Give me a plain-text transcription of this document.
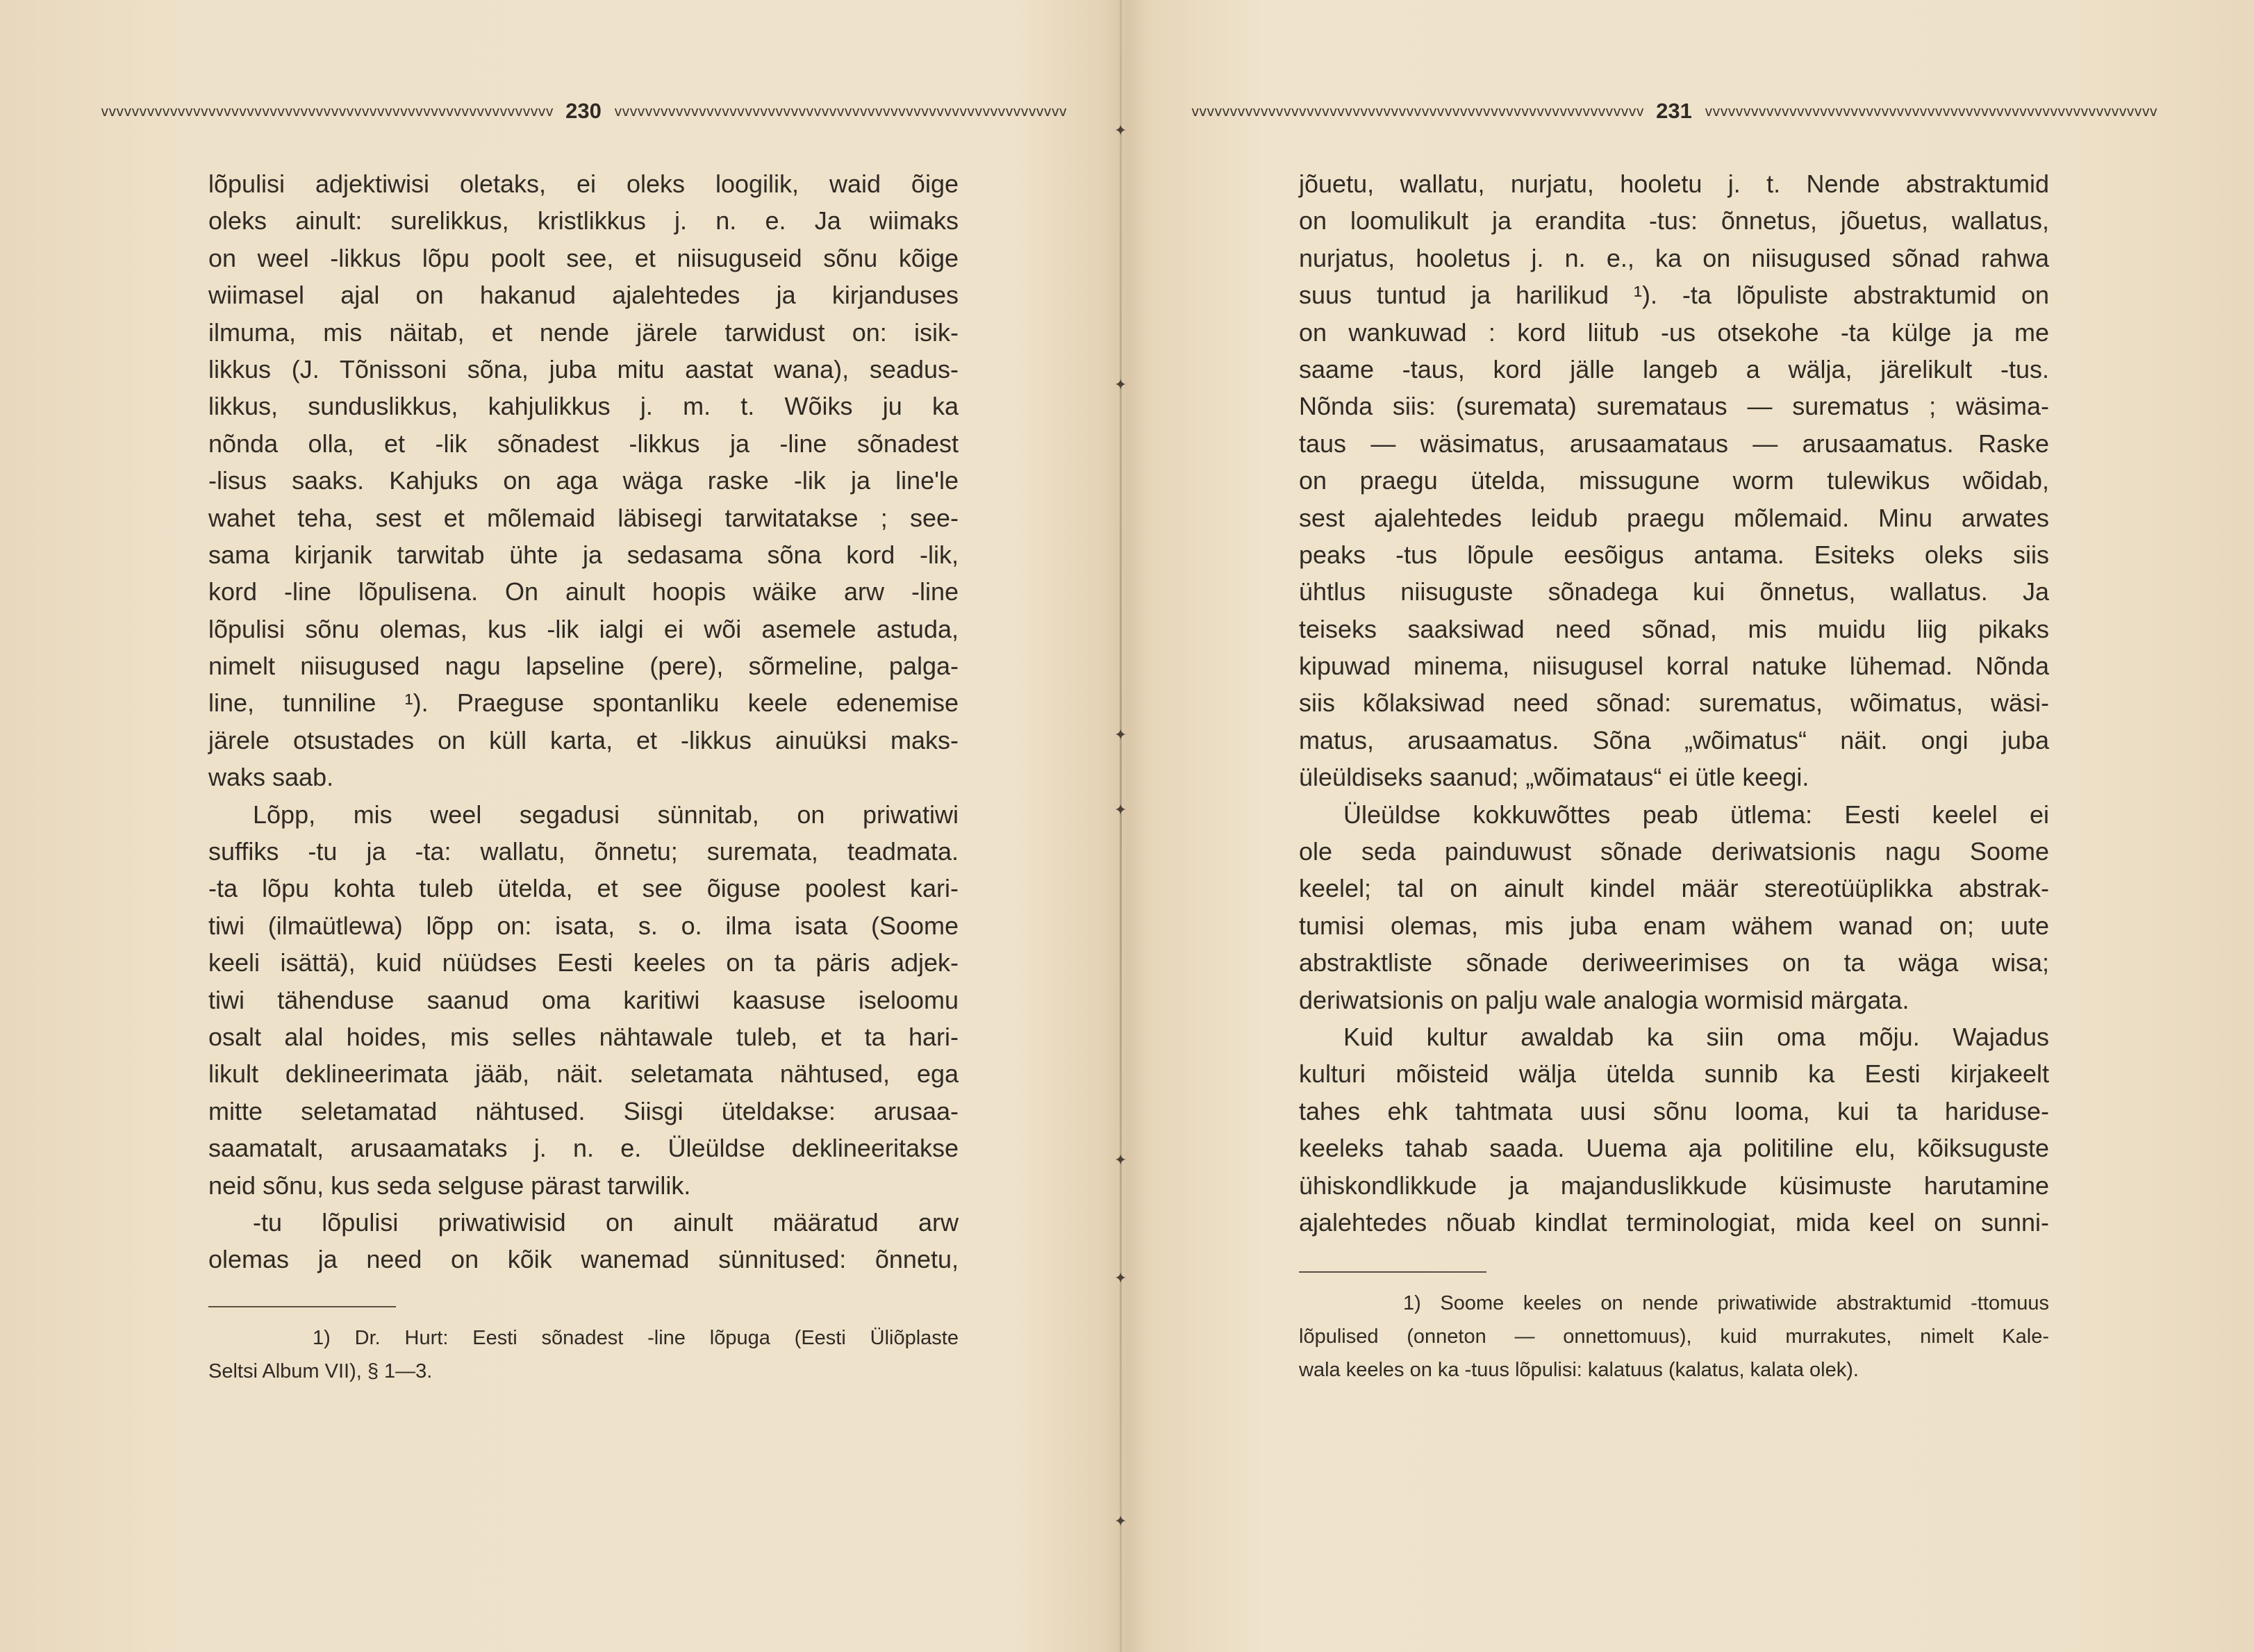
✦
✦
✦
✦
✦
✦
✦
vvvvvvvvvvvvvvvvvvvvvvvvvvvvvvvvvvvvvvvvvvvvvvvvvvvvvvvvvvv 230 vvvvvvvvvvvvvvvvvvvvvvvvvvvvvvvvvvvvvvvvvvvvvvvvvvvvvvvvvvv
lõpulisi adjektiwisi oletaks, ei oleks loogilik, waid õige
oleks ainult: surelikkus, kristlikkus j. n. e. Ja wiimaks
on weel -likkus lõpu poolt see, et niisuguseid sõnu kõige
wiimasel ajal on hakanud ajalehtedes ja kirjanduses
ilmuma, mis näitab, et nende järele tarwidust on: isik-
likkus (J. Tõnissoni sõna, juba mitu aastat wana), seadus-
likkus, sunduslikkus, kahjulikkus j. m. t. Wõiks ju ka
nõnda olla, et -lik sõnadest -likkus ja -line sõnadest
-lisus saaks. Kahjuks on aga wäga raske -lik ja line'le
wahet teha, sest et mõlemaid läbisegi tarwitatakse ; see-
sama kirjanik tarwitab ühte ja sedasama sõna kord -lik,
kord -line lõpulisena. On ainult hoopis wäike arw -line
lõpulisi sõnu olemas, kus -lik ialgi ei wõi asemele astuda,
nimelt niisugused nagu lapseline (pere), sõrmeline, palga-
line, tunniline ¹). Praeguse spontanliku keele edenemise
järele otsustades on küll karta, et -likkus ainuüksi maks-
waks saab.
Lõpp, mis weel segadusi sünnitab, on priwatiwi
suffiks -tu ja -ta: wallatu, õnnetu; suremata, teadmata.
-ta lõpu kohta tuleb ütelda, et see õiguse poolest kari-
tiwi (ilmaütlewa) lõpp on: isata, s. o. ilma isata (Soome
keeli isättä), kuid nüüdses Eesti keeles on ta päris adjek-
tiwi tähenduse saanud oma karitiwi kaasuse iseloomu
osalt alal hoides, mis selles nähtawale tuleb, et ta hari-
likult deklineerimata jääb, näit. seletamata nähtused, ega
mitte seletamatad nähtused. Siisgi üteldakse: arusaa-
saamatalt, arusaamataks j. n. e. Üleüldse deklineeritakse
neid sõnu, kus seda selguse pärast tarwilik.
-tu lõpulisi priwatiwisid on ainult määratud arw
olemas ja need on kõik wanemad sünnitused: õnnetu,
1) Dr. Hurt: Eesti sõnadest -line lõpuga (Eesti Üliõplaste
Seltsi Album VII), § 1—3.
vvvvvvvvvvvvvvvvvvvvvvvvvvvvvvvvvvvvvvvvvvvvvvvvvvvvvvvvvvv 231 vvvvvvvvvvvvvvvvvvvvvvvvvvvvvvvvvvvvvvvvvvvvvvvvvvvvvvvvvvv
jõuetu, wallatu, nurjatu, hooletu j. t. Nende abstraktumid
on loomulikult ja erandita -tus: õnnetus, jõuetus, wallatus,
nurjatus, hooletus j. n. e., ka on niisugused sõnad rahwa
suus tuntud ja harilikud ¹). -ta lõpuliste abstraktumid on
on wankuwad : kord liitub -us otsekohe -ta külge ja me
saame -taus, kord jälle langeb a wälja, järelikult -tus.
Nõnda siis: (suremata) suremataus — surematus ; wäsima-
taus — wäsimatus, arusaamataus — arusaamatus. Raske
on praegu ütelda, missugune worm tulewikus wõidab,
sest ajalehtedes leidub praegu mõlemaid. Minu arwates
peaks -tus lõpule eesõigus antama. Esiteks oleks siis
ühtlus niisuguste sõnadega kui õnnetus, wallatus. Ja
teiseks saaksiwad need sõnad, mis muidu liig pikaks
kipuwad minema, niisugusel korral natuke lühemad. Nõnda
siis kõlaksiwad need sõnad: surematus, wõimatus, wäsi-
matus, arusaamatus. Sõna „wõimatus“ näit. ongi juba
üleüldiseks saanud; „wõimataus“ ei ütle keegi.
Üleüldse kokkuwõttes peab ütlema: Eesti keelel ei
ole seda painduwust sõnade deriwatsionis nagu Soome
keelel; tal on ainult kindel määr stereotüüplikka abstrak-
tumisi olemas, mis juba enam wähem wanad on; uute
abstraktliste sõnade deriweerimises on ta wäga wisa;
deriwatsionis on palju wale analogia wormisid märgata.
Kuid kultur awaldab ka siin oma mõju. Wajadus
kulturi mõisteid wälja ütelda sunnib ka Eesti kirjakeelt
tahes ehk tahtmata uusi sõnu looma, kui ta hariduse-
keeleks tahab saada. Uuema aja politiline elu, kõiksuguste
ühiskondlikkude ja majanduslikkude küsimuste harutamine
ajalehtedes nõuab kindlat terminologiat, mida keel on sunni-
1) Soome keeles on nende priwatiwide abstraktumid -ttomuus
lõpulised (onneton — onnettomuus), kuid murrakutes, nimelt Kale-
wala keeles on ka -tuus lõpulisi: kalatuus (kalatus, kalata olek).
